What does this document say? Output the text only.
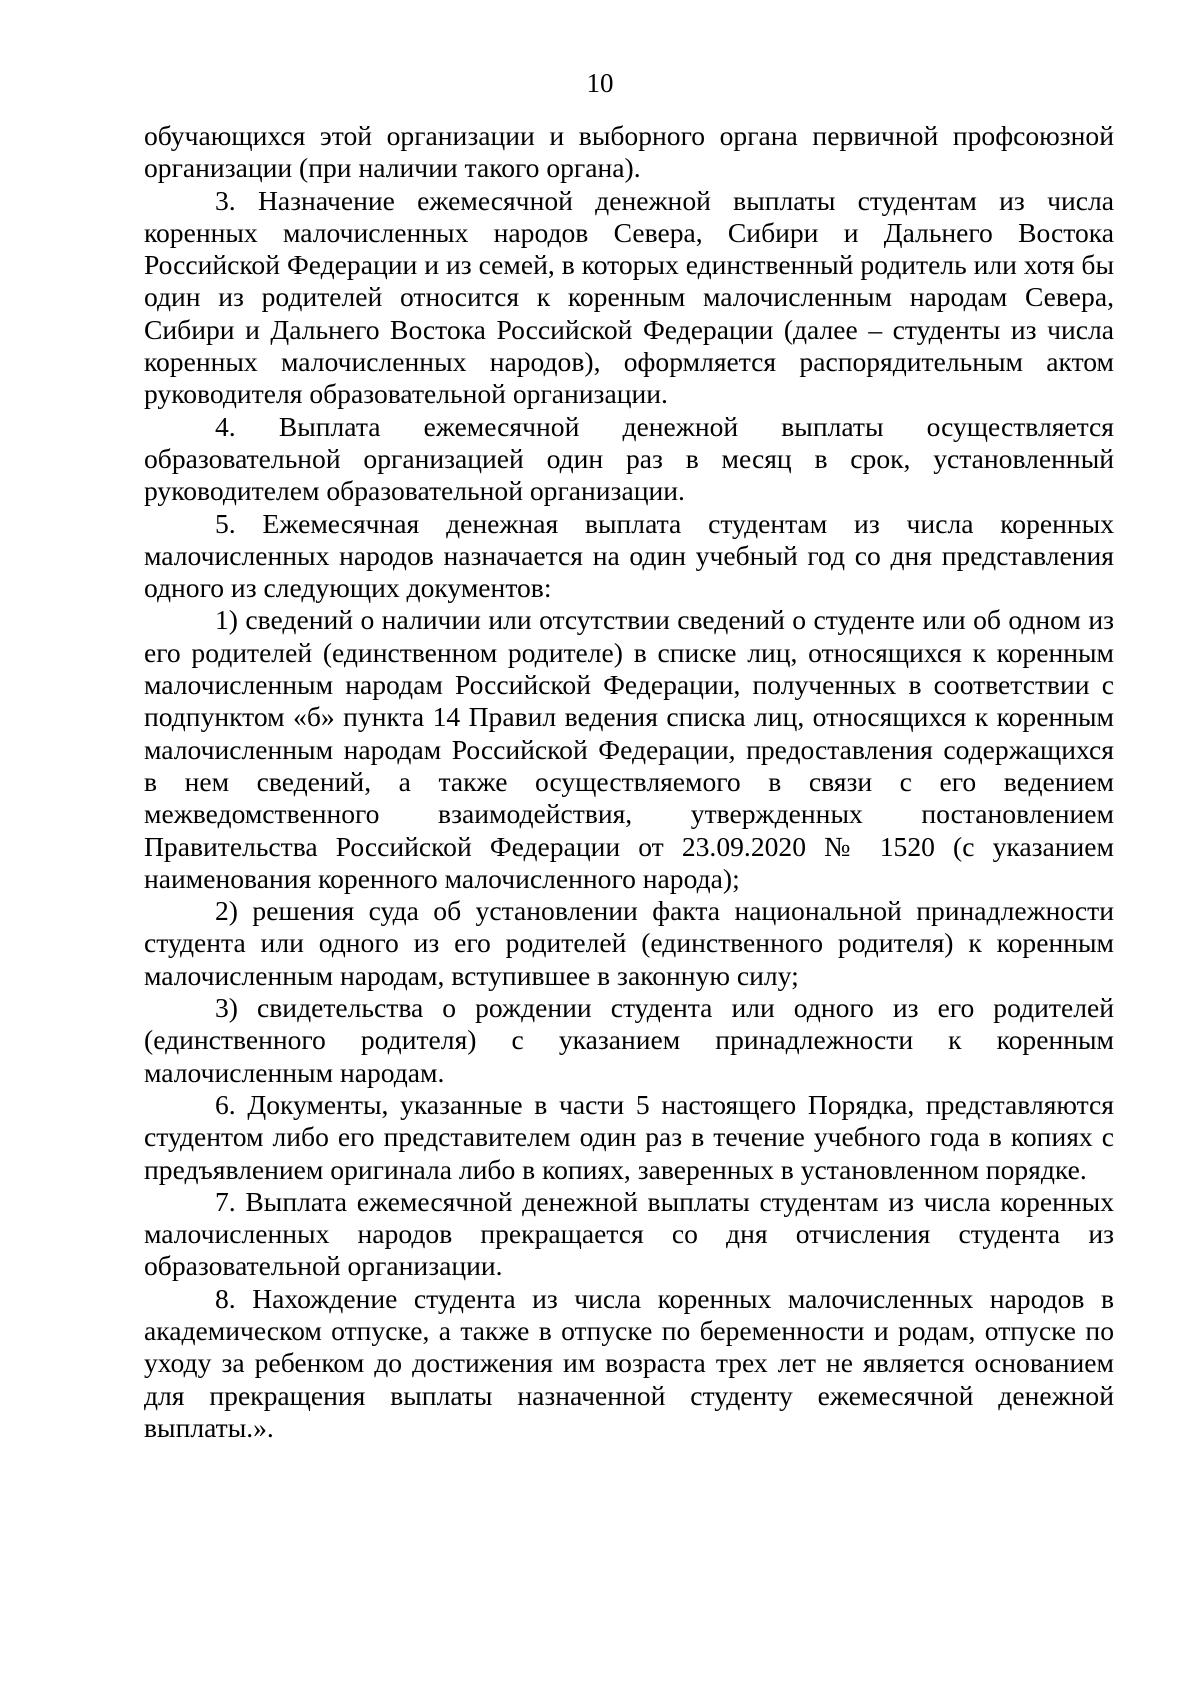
10

обучающихся этой организации и выборного органа первичной профсоюзной организации (при наличии такого органа).

3. Назначение ежемесячной денежной выплаты студентам из числа коренных малочисленных народов Севера, Сибири и Дальнего Востока Российской Федерации и из семей, в которых единственный родитель или хотя бы один из родителей относится к коренным малочисленным народам Севера, Сибири и Дальнего Востока Российской Федерации (далее – студенты из числа коренных малочисленных народов), оформляется распорядительным актом руководителя образовательной организации.

4. Выплата ежемесячной денежной выплаты осуществляется образовательной организацией один раз в месяц в срок, установленный руководителем образовательной организации.

5. Ежемесячная денежная выплата студентам из числа коренных малочисленных народов назначается на один учебный год со дня представления одного из следующих документов:

1) сведений о наличии или отсутствии сведений о студенте или об одном из его родителей (единственном родителе) в списке лиц, относящихся к коренным малочисленным народам Российской Федерации, полученных в соответствии с подпунктом «б» пункта 14 Правил ведения списка лиц, относящихся к коренным малочисленным народам Российской Федерации, предоставления содержащихся в нем сведений, а также осуществляемого в связи с его ведением межведомственного взаимодействия, утвержденных постановлением Правительства Российской Федерации от 23.09.2020 № 1520 (с указанием наименования коренного малочисленного народа);

2) решения суда об установлении факта национальной принадлежности студента или одного из его родителей (единственного родителя) к коренным малочисленным народам, вступившее в законную силу;

3) свидетельства о рождении студента или одного из его родителей (единственного родителя) с указанием принадлежности к коренным малочисленным народам.

6. Документы, указанные в части 5 настоящего Порядка, представляются студентом либо его представителем один раз в течение учебного года в копиях с предъявлением оригинала либо в копиях, заверенных в установленном порядке.

7. Выплата ежемесячной денежной выплаты студентам из числа коренных малочисленных народов прекращается со дня отчисления студента из образовательной организации.

8. Нахождение студента из числа коренных малочисленных народов в академическом отпуске, а также в отпуске по беременности и родам, отпуске по уходу за ребенком до достижения им возраста трех лет не является основанием для прекращения выплаты назначенной студенту ежемесячной денежной выплаты.».
